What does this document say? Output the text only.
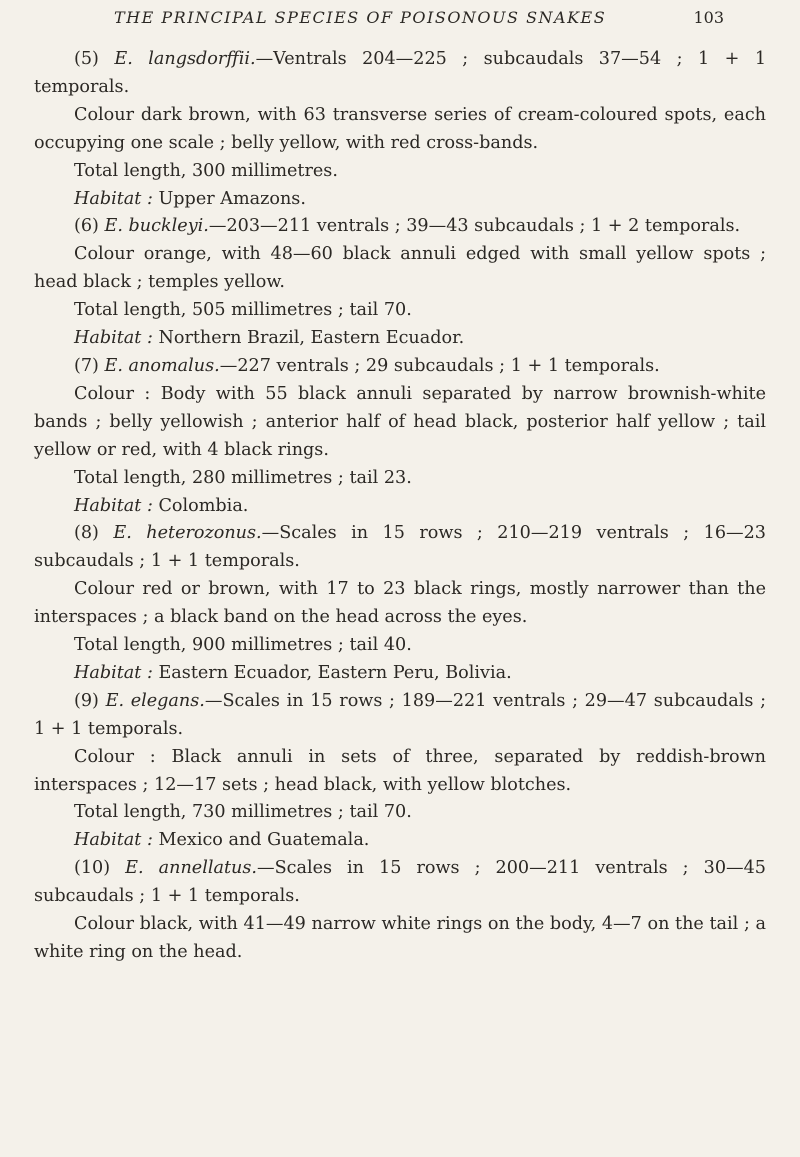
THE PRINCIPAL SPECIES OF POISONOUS SNAKES	103

(5) E. langsdorffii.—Ventrals 204—225 ; subcaudals 37—54 ; 1 + 1 temporals.

Colour dark brown, with 63 transverse series of cream-coloured spots, each occupying one scale ; belly yellow, with red cross-bands.

Total length, 300 millimetres.

Habitat : Upper Amazons.

(6) E. buckleyi.—203—211 ventrals ; 39—43 subcaudals ; 1 + 2 temporals.

Colour orange, with 48—60 black annuli edged with small yellow spots ; head black ; temples yellow.

Total length, 505 millimetres ; tail 70.

Habitat : Northern Brazil, Eastern Ecuador.

(7) E. anomalus.—227 ventrals ; 29 subcaudals ; 1 + 1 temporals.

Colour : Body with 55 black annuli separated by narrow brownish-white bands ; belly yellowish ; anterior half of head black, posterior half yellow ; tail yellow or red, with 4 black rings.

Total length, 280 millimetres ; tail 23.

Habitat : Colombia.

(8) E. heterozonus.—Scales in 15 rows ; 210—219 ventrals ; 16—23 subcaudals ; 1 + 1 temporals.

Colour red or brown, with 17 to 23 black rings, mostly narrower than the interspaces ; a black band on the head across the eyes.

Total length, 900 millimetres ; tail 40.

Habitat : Eastern Ecuador, Eastern Peru, Bolivia.

(9) E. elegans.—Scales in 15 rows ; 189—221 ventrals ; 29—47 subcaudals ; 1 + 1 temporals.

Colour : Black annuli in sets of three, separated by reddish-brown interspaces ; 12—17 sets ; head black, with yellow blotches.

Total length, 730 millimetres ; tail 70.

Habitat : Mexico and Guatemala.

(10) E. annellatus.—Scales in 15 rows ; 200—211 ventrals ; 30—45 subcaudals ; 1 + 1 temporals.

Colour black, with 41—49 narrow white rings on the body, 4—7 on the tail ; a white ring on the head.
